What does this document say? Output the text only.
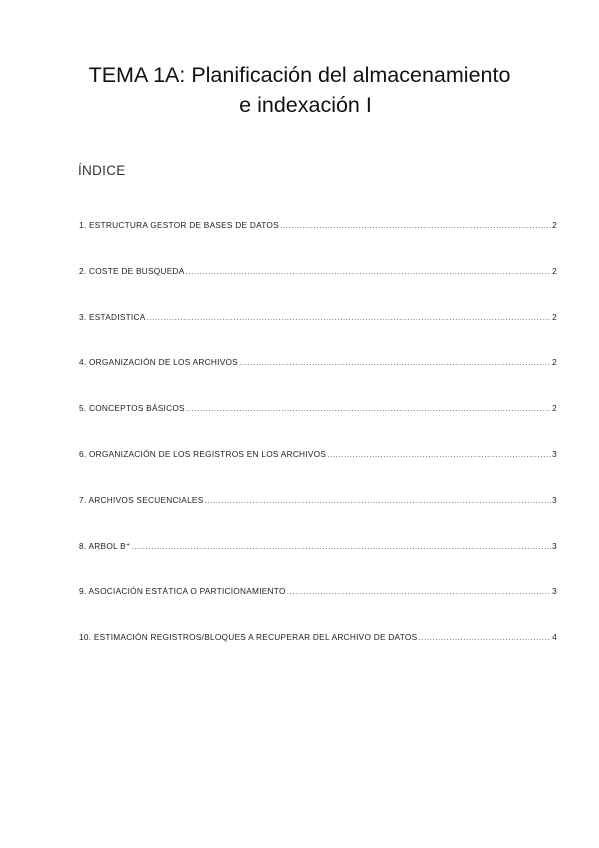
TEMA 1A: Planificación del almacenamiento
e indexación I
ÍNDICE
1. ESTRUCTURA GESTOR DE BASES DE DATOS .....	2
2. COSTE DE BUSQUEDA .....	2
3. ESTADISTICA .....	2
4. ORGANIZACIÓN DE LOS ARCHIVOS .....	2
5. CONCEPTOS BÁSICOS .....	2
6. ORGANIZACIÓN DE LOS REGISTROS EN LOS ARCHIVOS .....	3
7. ARCHIVOS SECUENCIALES .....	3
8. ARBOL B⁺ .....	3
9. ASOCIACIÓN ESTÁTICA O PARTICIONAMIENTO .....	3
10. ESTIMACIÓN REGISTROS/BLOQUES A RECUPERAR DEL ARCHIVO DE DATOS .....	4
